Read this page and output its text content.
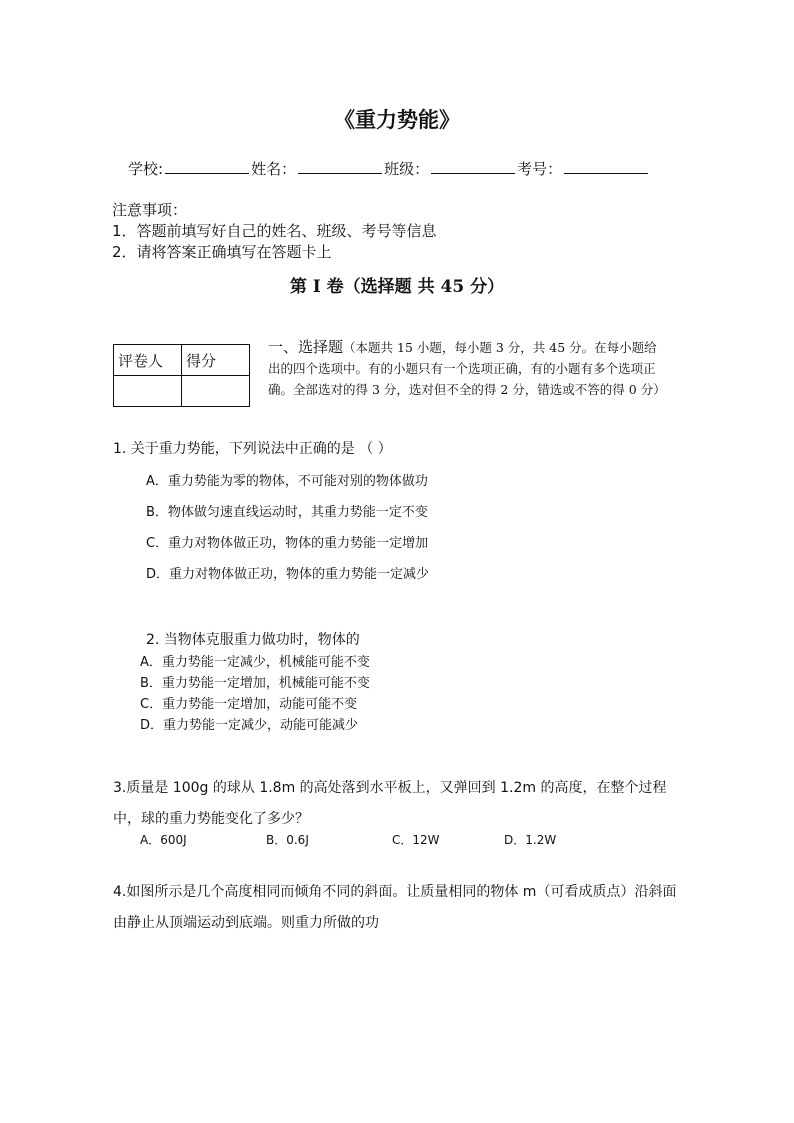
《重力势能》
学校:	姓名：	班级：	考号：
注意事项：
1．答题前填写好自己的姓名、班级、考号等信息
2．请将答案正确填写在答题卡上
第 I 卷（选择题 共 45 分）
评卷人	得分

一、选择题（本题共 15 小题，每小题 3 分，共 45 分。在每小题给出的四个选项中。有的小题只有一个选项正确，有的小题有多个选项正确。全部选对的得 3 分，选对但不全的得 2 分，错选或不答的得 0 分）
1. 关于重力势能，下列说法中正确的是 （ ）
A．重力势能为零的物体，不可能对别的物体做功
B．物体做匀速直线运动时，其重力势能一定不变
C．重力对物体做正功，物体的重力势能一定增加
D．重力对物体做正功，物体的重力势能一定减少
2. 当物体克服重力做功时，物体的
A．重力势能一定减少，机械能可能不变
B．重力势能一定增加，机械能可能不变
C．重力势能一定增加，动能可能不变
D．重力势能一定减少，动能可能减少
3.质量是 100g 的球从 1.8m 的高处落到水平板上，又弹回到 1.2m 的高度，在整个过程中，球的重力势能变化了多少？
A．600J	B．0.6J	C．12W	D．1.2W
4.如图所示是几个高度相同而倾角不同的斜面。让质量相同的物体 m（可看成质点）沿斜面由静止从顶端运动到底端。则重力所做的功
